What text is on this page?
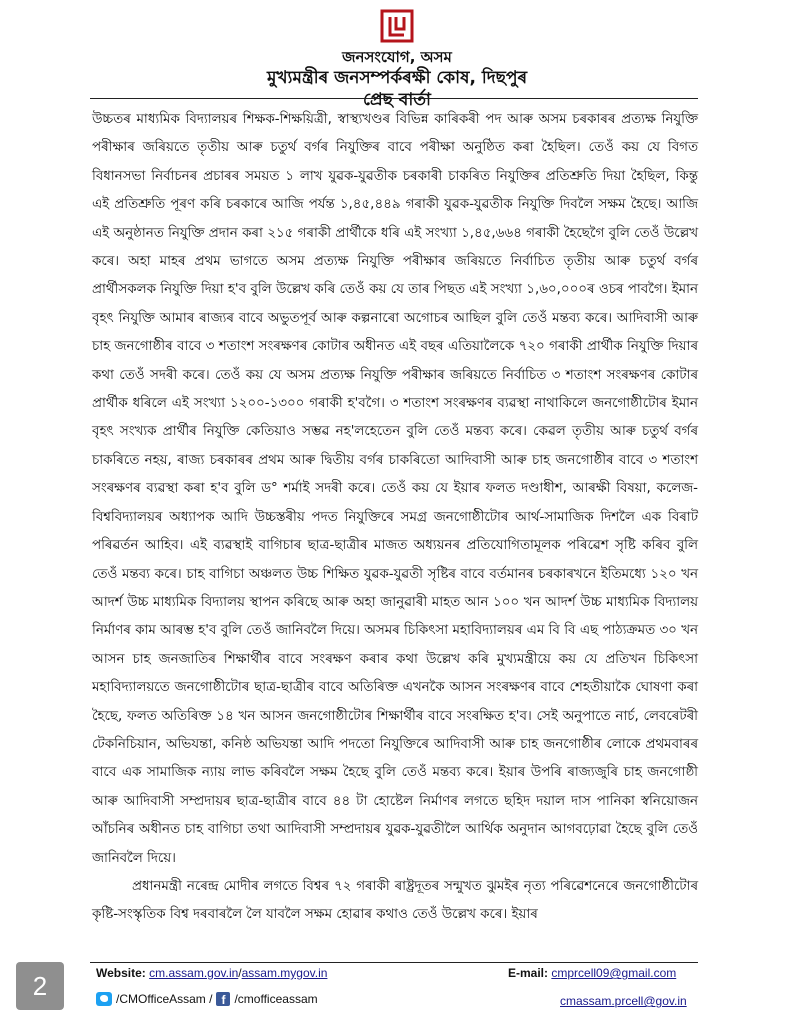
জনসংযোগ, অসম
মুখ্যমন্ত্ৰীৰ জনসম্পৰ্কৰক্ষী কোষ, দিছপুৰ
প্ৰেছ বাৰ্তা

উচ্চতৰ মাধ্যমিক বিদ্যালয়ৰ শিক্ষক-শিক্ষয়িত্ৰী, স্বাস্থ্যখণ্ডৰ বিভিন্ন কাৰিকৰী পদ আৰু অসম চৰকাৰৰ প্ৰত্যক্ষ নিযুক্তি পৰীক্ষাৰ জৰিয়তে তৃতীয় আৰু চতুৰ্থ বৰ্গৰ নিযুক্তিৰ বাবে পৰীক্ষা অনুষ্ঠিত কৰা হৈছিল। তেওঁ কয় যে বিগত বিধানসভা নিৰ্বাচনৰ প্ৰচাৰৰ সময়ত ১ লাখ যুৱক-যুৱতীক চৰকাৰী চাকৰিত নিযুক্তিৰ প্ৰতিশ্ৰুতি দিয়া হৈছিল, কিন্তু এই প্ৰতিশ্ৰুতি পূৰণ কৰি চৰকাৰে আজি পৰ্যন্ত ১,৪৫,৪৪৯ গৰাকী যুৱক-যুৱতীক নিযুক্তি দিবলৈ সক্ষম হৈছে। আজি এই অনুষ্ঠানত নিযুক্তি প্ৰদান কৰা ২১৫ গৰাকী প্ৰাৰ্থীকে ধৰি এই সংখ্যা ১,৪৫,৬৬৪ গৰাকী হৈছেগৈ বুলি তেওঁ উল্লেখ কৰে। অহা মাহৰ প্ৰথম ভাগতে অসম প্ৰত্যক্ষ নিযুক্তি পৰীক্ষাৰ জৰিয়তে নিৰ্বাচিত তৃতীয় আৰু চতুৰ্থ বৰ্গৰ প্ৰাৰ্থীসকলক নিযুক্তি দিয়া হ'ব বুলি উল্লেখ কৰি তেওঁ কয় যে তাৰ পিছত এই সংখ্যা ১,৬০,০০০ৰ ওচৰ পাবগৈ। ইমান বৃহৎ নিযুক্তি আমাৰ ৰাজ্যৰ বাবে অভুতপূৰ্ব আৰু কল্পনাৰো অগোচৰ আছিল বুলি তেওঁ মন্তব্য কৰে। আদিবাসী আৰু চাহ জনগোষ্ঠীৰ বাবে ৩ শতাংশ সংৰক্ষণৰ কোটাৰ অধীনত এই বছৰ এতিয়ালৈকে ৭২০ গৰাকী প্ৰাৰ্থীক নিযুক্তি দিয়াৰ কথা তেওঁ সদৰী কৰে। তেওঁ কয় যে অসম প্ৰত্যক্ষ নিযুক্তি পৰীক্ষাৰ জৰিয়তে নিৰ্বাচিত ৩ শতাংশ সংৰক্ষণৰ কোটাৰ প্ৰাৰ্থীক ধৰিলে এই সংখ্যা ১২০০-১৩০০ গৰাকী হ'বগৈ। ৩ শতাংশ সংৰক্ষণৰ ব্যৱস্থা নাথাকিলে জনগোষ্ঠীটোৰ ইমান বৃহৎ সংখ্যক প্ৰাৰ্থীৰ নিযুক্তি কেতিয়াও সম্ভৱ নহ'লহেতেন বুলি তেওঁ মন্তব্য কৰে। কেৱল তৃতীয় আৰু চতুৰ্থ বৰ্গৰ চাকৰিতে নহয়, ৰাজ্য চৰকাৰৰ প্ৰথম আৰু দ্বিতীয় বৰ্গৰ চাকৰিতো আদিবাসী আৰু চাহ জনগোষ্ঠীৰ বাবে ৩ শতাংশ সংৰক্ষণৰ ব্যৱস্থা কৰা হ'ব বুলি ড° শৰ্মাই সদৰী কৰে। তেওঁ কয় যে ইয়াৰ ফলত দণ্ডাধীশ, আৰক্ষী বিষয়া, কলেজ-বিশ্ববিদ্যালয়ৰ অধ্যাপক আদি উচ্চস্তৰীয় পদত নিযুক্তিৰে সমগ্ৰ জনগোষ্ঠীটোৰ আৰ্থ-সামাজিক দিশলৈ এক বিৰাট পৰিৱৰ্তন আহিব। এই ব্যৱস্থাই বাগিচাৰ ছাত্ৰ-ছাত্ৰীৰ মাজত অধ্যয়নৰ প্ৰতিযোগিতামূলক পৰিৱেশ সৃষ্টি কৰিব বুলি তেওঁ মন্তব্য কৰে। চাহ বাগিচা অঞ্চলত উচ্চ শিক্ষিত যুৱক-যুৱতী সৃষ্টিৰ বাবে বৰ্তমানৰ চৰকাৰখনে ইতিমধ্যে ১২০ খন আদৰ্শ উচ্চ মাধ্যমিক বিদ্যালয় স্থাপন কৰিছে আৰু অহা জানুৱাৰী মাহত আন ১০০ খন আদৰ্শ উচ্চ মাধ্যমিক বিদ্যালয় নিৰ্মাণৰ কাম আৰম্ভ হ'ব বুলি তেওঁ জানিবলৈ দিয়ে। অসমৰ চিকিৎসা মহাবিদ্যালয়ৰ এম বি বি এছ পাঠ্যক্ৰমত ৩০ খন আসন চাহ জনজাতিৰ শিক্ষাৰ্থীৰ বাবে সংৰক্ষণ কৰাৰ কথা উল্লেখ কৰি মুখ্যমন্ত্ৰীয়ে কয় যে প্ৰতিখন চিকিৎসা মহাবিদ্যালয়তে জনগোষ্ঠীটোৰ ছাত্ৰ-ছাত্ৰীৰ বাবে অতিৰিক্ত এখনকৈ আসন সংৰক্ষণৰ বাবে শেহতীয়াকৈ ঘোষণা কৰা হৈছে, ফলত অতিৰিক্ত ১৪ খন আসন জনগোষ্ঠীটোৰ শিক্ষাৰ্থীৰ বাবে সংৰক্ষিত হ'ব। সেই অনুপাতে নাৰ্চ, লেবৰেটৰী টেকনিচিয়ান, অভিযন্তা, কনিষ্ঠ অভিযন্তা আদি পদতো নিযুক্তিৰে আদিবাসী আৰু চাহ জনগোষ্ঠীৰ লোকে প্ৰথমবাৰৰ বাবে এক সামাজিক ন্যায় লাভ কৰিবলৈ সক্ষম হৈছে বুলি তেওঁ মন্তব্য কৰে। ইয়াৰ উপৰি ৰাজ্যজুৰি চাহ জনগোষ্ঠী আৰু আদিবাসী সম্প্ৰদায়ৰ ছাত্ৰ-ছাত্ৰীৰ বাবে ৪৪ টা হোষ্টেল নিৰ্মাণৰ লগতে ছহিদ দয়াল দাস পানিকা স্বনিয়োজন আঁচনিৰ অধীনত চাহ বাগিচা তথা আদিবাসী সম্প্ৰদায়ৰ যুৱক-যুৱতীলৈ আৰ্থিক অনুদান আগবঢ়োৱা হৈছে বুলি তেওঁ জানিবলৈ দিয়ে।

প্ৰধানমন্ত্ৰী নৰেন্দ্ৰ মোদীৰ লগতে বিশ্বৰ ৭২ গৰাকী ৰাষ্ট্ৰদূতৰ সন্মুখত ঝুমইৰ নৃত্য পৰিৱেশনেৰে জনগোষ্ঠীটোৰ কৃষ্টি-সংস্কৃতিক বিশ্ব দৰবাৰলৈ লৈ যাবলৈ সক্ষম হোৱাৰ কথাও তেওঁ উল্লেখ কৰে। ইয়াৰ

Website: cm.assam.gov.in/assam.mygov.in	E-mail: cmprcell09@gmail.com
2	/CMOfficeAssam / f /cmofficeassam	cmassam.prcell@gov.in
